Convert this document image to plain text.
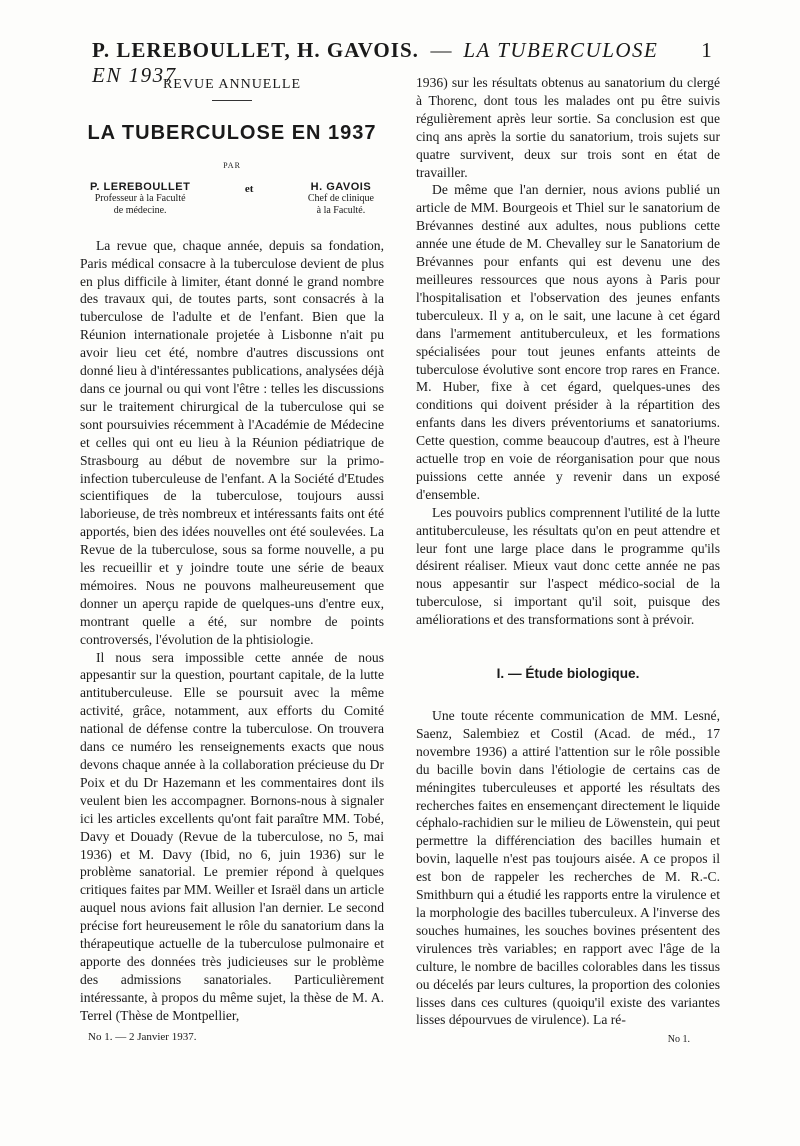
P. LEREBOULLET, H. GAVOIS. — LA TUBERCULOSE EN 1937
1
REVUE ANNUELLE
LA TUBERCULOSE EN 1937
PAR
P. LEREBOULLET
Professeur à la Faculté
de médecine.
et	H. GAVOIS
Chef de clinique
à la Faculté.

La revue que, chaque année, depuis sa fondation, Paris médical consacre à la tuberculose devient de plus en plus difficile à limiter, étant donné le grand nombre des travaux qui, de toutes parts, sont consacrés à la tuberculose de l'adulte et de l'enfant. Bien que la Réunion internationale projetée à Lisbonne n'ait pu avoir lieu cet été, nombre d'autres discussions ont donné lieu à d'intéressantes publications, analysées déjà dans ce journal ou qui vont l'être : telles les discussions sur le traitement chirurgical de la tuberculose qui se sont poursuivies récemment à l'Académie de Médecine et celles qui ont eu lieu à la Réunion pédiatrique de Strasbourg au début de novembre sur la primo-infection tuberculeuse de l'enfant. A la Société d'Etudes scientifiques de la tuberculose, toujours aussi laborieuse, de très nombreux et intéressants faits ont été apportés, bien des idées nouvelles ont été soulevées. La Revue de la tuberculose, sous sa forme nouvelle, a pu les recueillir et y joindre toute une série de beaux mémoires. Nous ne pouvons malheureusement que donner un aperçu rapide de quelques-uns d'entre eux, montrant quelle a été, sur nombre de points controversés, l'évolution de la phtisiologie.

Il nous sera impossible cette année de nous appesantir sur la question, pourtant capitale, de la lutte antituberculeuse. Elle se poursuit avec la même activité, grâce, notamment, aux efforts du Comité national de défense contre la tuberculose. On trouvera dans ce numéro les renseignements exacts que nous devons chaque année à la collaboration précieuse du Dr Poix et du Dr Hazemann et les commentaires dont ils veulent bien les accompagner. Bornons-nous à signaler ici les articles excellents qu'ont fait paraître MM. Tobé, Davy et Douady (Revue de la tuberculose, no 5, mai 1936) et M. Davy (Ibid, no 6, juin 1936) sur le problème sanatorial. Le premier répond à quelques critiques faites par MM. Weiller et Israël dans un article auquel nous avions fait allusion l'an dernier. Le second précise fort heureusement le rôle du sanatorium dans la thérapeutique actuelle de la tuberculose pulmonaire et apporte des données très judicieuses sur le problème des admissions sanatoriales. Particulièrement intéressante, à propos du même sujet, la thèse de M. A. Terrel (Thèse de Montpellier,

No 1. — 2 Janvier 1937.

1936) sur les résultats obtenus au sanatorium du clergé à Thorenc, dont tous les malades ont pu être suivis régulièrement après leur sortie. Sa conclusion est que cinq ans après la sortie du sanatorium, trois sujets sur quatre survivent, deux sur trois sont en état de travailler.

De même que l'an dernier, nous avions publié un article de MM. Bourgeois et Thiel sur le sanatorium de Brévannes destiné aux adultes, nous publions cette année une étude de M. Chevalley sur le Sanatorium de Brévannes pour enfants qui est devenu une des meilleures ressources que nous ayons à Paris pour l'hospitalisation et l'observation des jeunes enfants tuberculeux. Il y a, on le sait, une lacune à cet égard dans l'armement antituberculeux, et les formations spécialisées pour tout jeunes enfants atteints de tuberculose évolutive sont encore trop rares en France. M. Huber, fixe à cet égard, quelques-unes des conditions qui doivent présider à la répartition des enfants dans les divers préventoriums et sanatoriums. Cette question, comme beaucoup d'autres, est à l'heure actuelle trop en voie de réorganisation pour que nous puissions cette année y revenir dans un exposé d'ensemble.

Les pouvoirs publics comprennent l'utilité de la lutte antituberculeuse, les résultats qu'on en peut attendre et leur font une large place dans le programme qu'ils désirent réaliser. Mieux vaut donc cette année ne pas nous appesantir sur l'aspect médico-social de la tuberculose, si important qu'il soit, puisque des améliorations et des transformations sont à prévoir.

I. — Étude biologique.

Une toute récente communication de MM. Lesné, Saenz, Salembiez et Costil (Acad. de méd., 17 novembre 1936) a attiré l'attention sur le rôle possible du bacille bovin dans l'étiologie de certains cas de méningites tuberculeuses et apporté les résultats des recherches faites en ensemençant directement le liquide céphalo-rachidien sur le milieu de Löwenstein, qui peut permettre la différenciation des bacilles humain et bovin, laquelle n'est pas toujours aisée. A ce propos il est bon de rappeler les recherches de M. R.-C. Smithburn qui a étudié les rapports entre la virulence et la morphologie des bacilles tuberculeux. A l'inverse des souches humaines, les souches bovines présentent des virulences très variables; en rapport avec l'âge de la culture, le nombre de bacilles colorables dans les tissus ou décelés par leurs cultures, la proportion des colonies lisses dans ces cultures (quoiqu'il existe des variantes lisses dépourvues de virulence). La ré-

No 1.
